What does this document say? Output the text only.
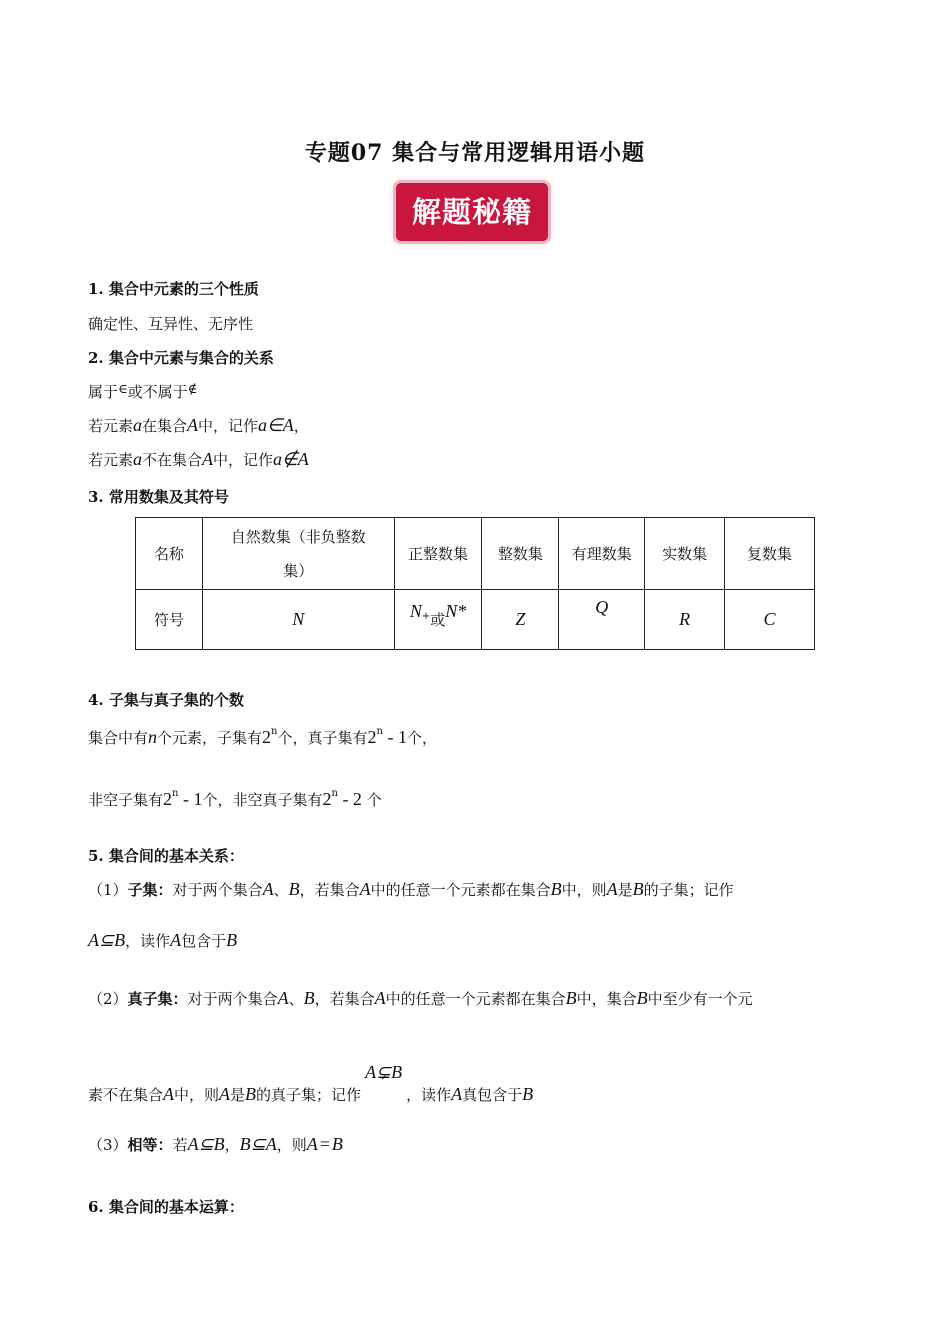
专题07 集合与常用逻辑用语小题
解题秘籍
1. 集合中元素的三个性质
确定性、互异性、无序性
2. 集合中元素与集合的关系
属于∈或不属于∉
若元素a在集合A中，记作a∈A，
若元素a不在集合A中，记作a∉A
3. 常用数集及其符号
名称	自然数集（非负整数集）	正整数集	整数集	有理数集	实数集	复数集
符号	N	N+或N*	Z	Q	R	C
4. 子集与真子集的个数
集合中有n个元素，子集有2$^n$个，真子集有2$^n$ - 1个，
非空子集有2$^n$ - 1个，非空真子集有2$^n$ - 2 个
5. 集合间的基本关系：
（1）子集：对于两个集合A、B，若集合A中的任意一个元素都在集合B中，则A是B的子集；记作
A⊆B，读作A包含于B
（2）真子集：对于两个集合A、B，若集合A中的任意一个元素都在集合B中，集合B中至少有一个元
素不在集合A中，则A是B的真子集；记作A⊊B，读作A真包含于B
（3）相等：若A⊆B，B⊆A，则A = B
6. 集合间的基本运算：
